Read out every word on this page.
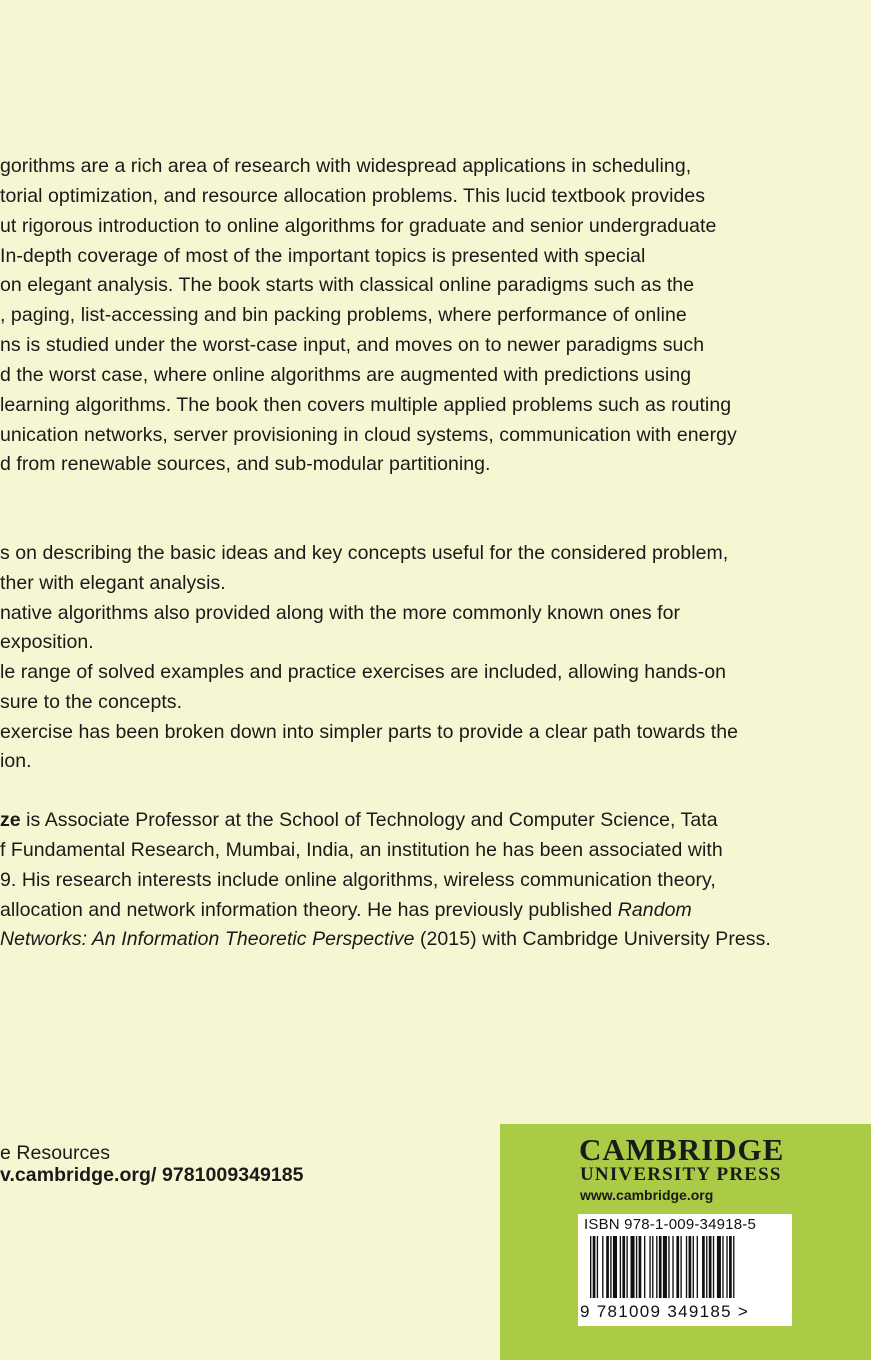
gorithms are a rich area of research with widespread applications in scheduling,
torial optimization, and resource allocation problems. This lucid textbook provides
ut rigorous introduction to online algorithms for graduate and senior undergraduate
In-depth coverage of most of the important topics is presented with special
on elegant analysis. The book starts with classical online paradigms such as the
, paging, list-accessing and bin packing problems, where performance of online
ns is studied under the worst-case input, and moves on to newer paradigms such
d the worst case, where online algorithms are augmented with predictions using
learning algorithms. The book then covers multiple applied problems such as routing
unication networks, server provisioning in cloud systems, communication with energy
d from renewable sources, and sub-modular partitioning.
s on describing the basic ideas and key concepts useful for the considered problem,
ther with elegant analysis.
native algorithms also provided along with the more commonly known ones for
exposition.
le range of solved examples and practice exercises are included, allowing hands-on
sure to the concepts.
exercise has been broken down into simpler parts to provide a clear path towards the
ion.
ze is Associate Professor at the School of Technology and Computer Science, Tata
f Fundamental Research, Mumbai, India, an institution he has been associated with
9. His research interests include online algorithms, wireless communication theory,
allocation and network information theory. He has previously published Random
Networks: An Information Theoretic Perspective (2015) with Cambridge University Press.
e Resources
v.cambridge.org/ 9781009349185
CAMBRIDGE
UNIVERSITY PRESS
www.cambridge.org
ISBN 978-1-009-34918-5
9 781009 349185 >
